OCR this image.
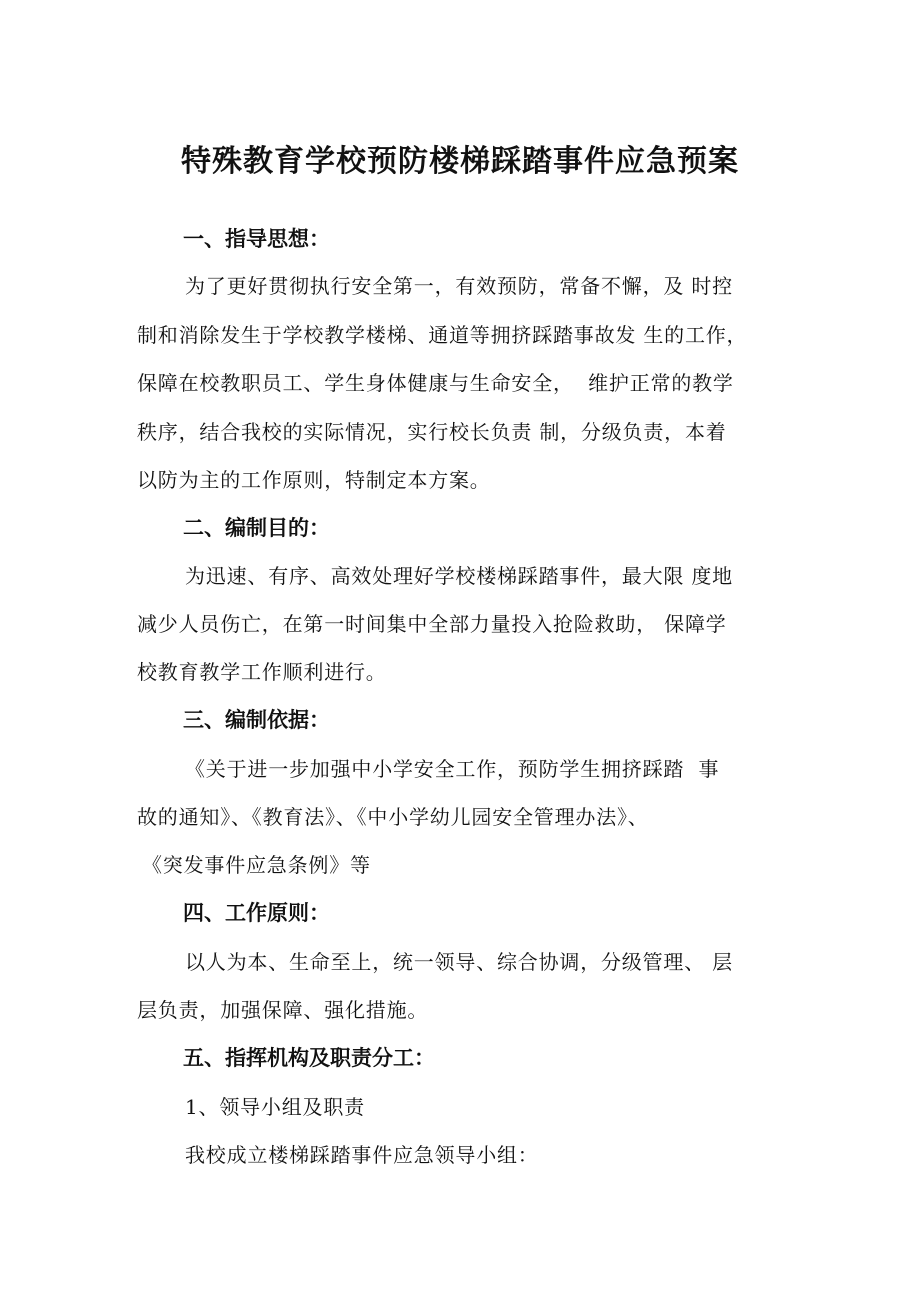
特殊教育学校预防楼梯踩踏事件应急预案
一、指导思想：
为了更好贯彻执行安全第一，有效预防，常备不懈，及 时控
制和消除发生于学校教学楼梯、通道等拥挤踩踏事故发 生的工作，
保障在校教职员工、学生身体健康与生命安全，  维护正常的教学
秩序，结合我校的实际情况，实行校长负责 制，分级负责，本着
以防为主的工作原则，特制定本方案。
二、编制目的：
为迅速、有序、高效处理好学校楼梯踩踏事件，最大限 度地
减少人员伤亡，在第一时间集中全部力量投入抢险救助， 保障学
校教育教学工作顺利进行。
三、编制依据：
《关于进一步加强中小学安全工作，预防学生拥挤踩踏  事
故的通知》、《教育法》、《中小学幼儿园安全管理办法》、
《突发事件应急条例》等
四、工作原则：
以人为本、生命至上，统一领导、综合协调，分级管理、 层
层负责，加强保障、强化措施。
五、指挥机构及职责分工：
1、领导小组及职责
我校成立楼梯踩踏事件应急领导小组：
